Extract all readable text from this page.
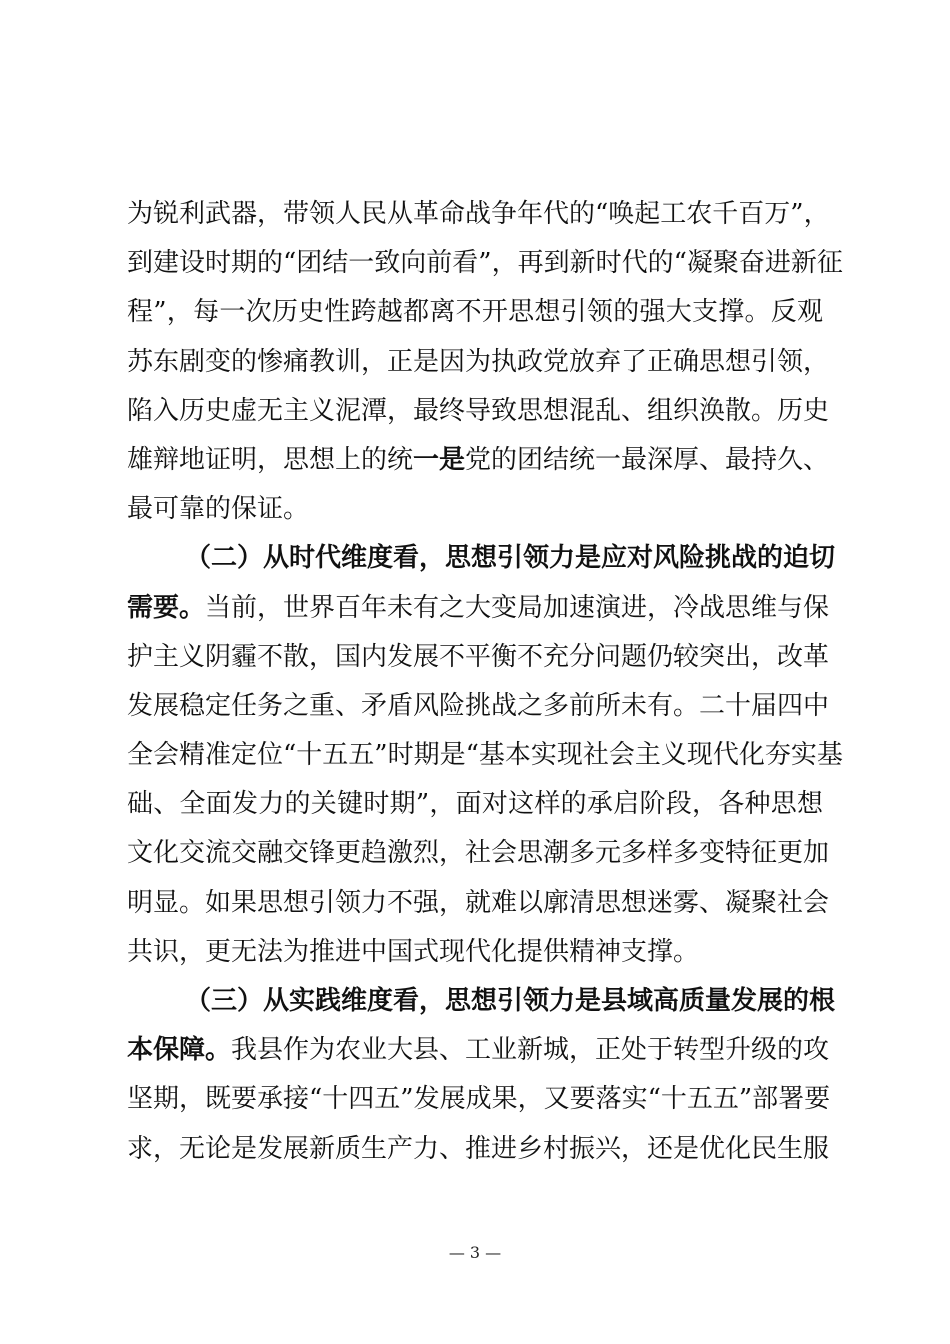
为锐利武器，带领人民从革命战争年代的“唤起工农千百万”，
到建设时期的“团结一致向前看”，再到新时代的“凝聚奋进新征
程”，每一次历史性跨越都离不开思想引领的强大支撑。反观
苏东剧变的惨痛教训，正是因为执政党放弃了正确思想引领，
陷入历史虚无主义泥潭，最终导致思想混乱、组织涣散。历史
雄辩地证明，思想上的统一是党的团结统一最深厚、最持久、
最可靠的保证。
（二）从时代维度看，思想引领力是应对风险挑战的迫切
需要。当前，世界百年未有之大变局加速演进，冷战思维与保
护主义阴霾不散，国内发展不平衡不充分问题仍较突出，改革
发展稳定任务之重、矛盾风险挑战之多前所未有。二十届四中
全会精准定位“十五五”时期是“基本实现社会主义现代化夯实基
础、全面发力的关键时期”，面对这样的承启阶段，各种思想
文化交流交融交锋更趋激烈，社会思潮多元多样多变特征更加
明显。如果思想引领力不强，就难以廓清思想迷雾、凝聚社会
共识，更无法为推进中国式现代化提供精神支撑。
（三）从实践维度看，思想引领力是县域高质量发展的根
本保障。我县作为农业大县、工业新城，正处于转型升级的攻
坚期，既要承接“十四五”发展成果，又要落实“十五五”部署要
求，无论是发展新质生产力、推进乡村振兴，还是优化民生服
— 3 —
